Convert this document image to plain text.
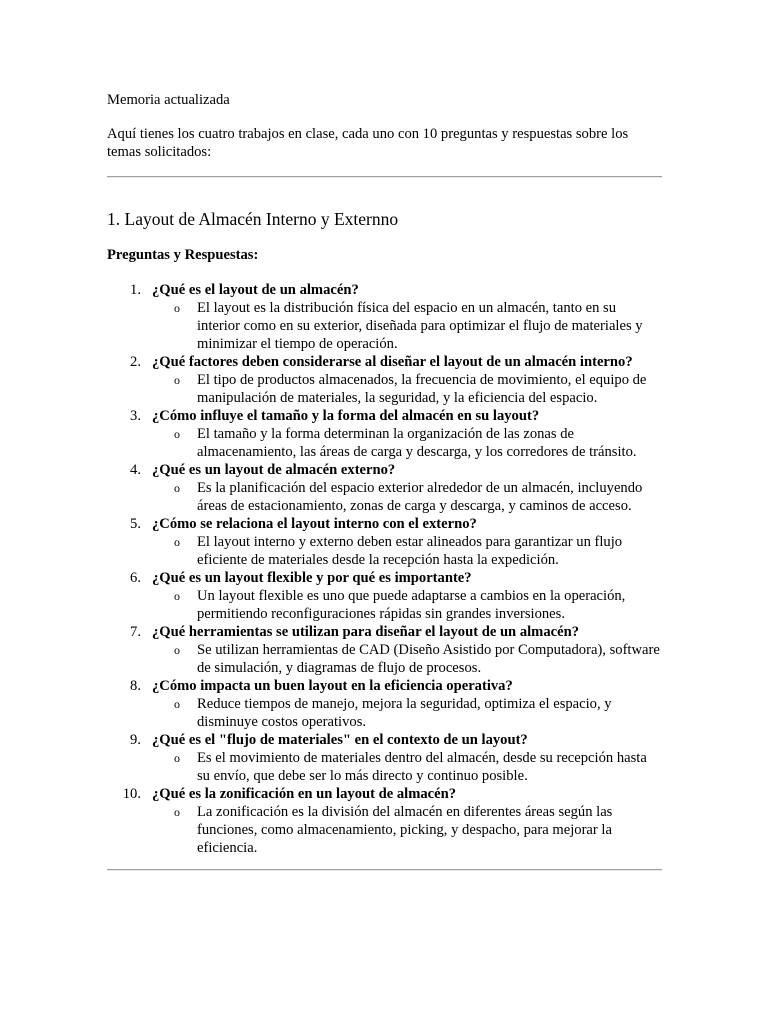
Memoria actualizada

Aquí tienes los cuatro trabajos en clase, cada uno con 10 preguntas y respuestas sobre los temas solicitados:

1. Layout de Almacén Interno y Externno

Preguntas y Respuestas:

1. ¿Qué es el layout de un almacén?
o El layout es la distribución física del espacio en un almacén, tanto en su interior como en su exterior, diseñada para optimizar el flujo de materiales y minimizar el tiempo de operación.
2. ¿Qué factores deben considerarse al diseñar el layout de un almacén interno?
o El tipo de productos almacenados, la frecuencia de movimiento, el equipo de manipulación de materiales, la seguridad, y la eficiencia del espacio.
3. ¿Cómo influye el tamaño y la forma del almacén en su layout?
o El tamaño y la forma determinan la organización de las zonas de almacenamiento, las áreas de carga y descarga, y los corredores de tránsito.
4. ¿Qué es un layout de almacén externo?
o Es la planificación del espacio exterior alrededor de un almacén, incluyendo áreas de estacionamiento, zonas de carga y descarga, y caminos de acceso.
5. ¿Cómo se relaciona el layout interno con el externo?
o El layout interno y externo deben estar alineados para garantizar un flujo eficiente de materiales desde la recepción hasta la expedición.
6. ¿Qué es un layout flexible y por qué es importante?
o Un layout flexible es uno que puede adaptarse a cambios en la operación, permitiendo reconfiguraciones rápidas sin grandes inversiones.
7. ¿Qué herramientas se utilizan para diseñar el layout de un almacén?
o Se utilizan herramientas de CAD (Diseño Asistido por Computadora), software de simulación, y diagramas de flujo de procesos.
8. ¿Cómo impacta un buen layout en la eficiencia operativa?
o Reduce tiempos de manejo, mejora la seguridad, optimiza el espacio, y disminuye costos operativos.
9. ¿Qué es el "flujo de materiales" en el contexto de un layout?
o Es el movimiento de materiales dentro del almacén, desde su recepción hasta su envío, que debe ser lo más directo y continuo posible.
10. ¿Qué es la zonificación en un layout de almacén?
o La zonificación es la división del almacén en diferentes áreas según las funciones, como almacenamiento, picking, y despacho, para mejorar la eficiencia.
